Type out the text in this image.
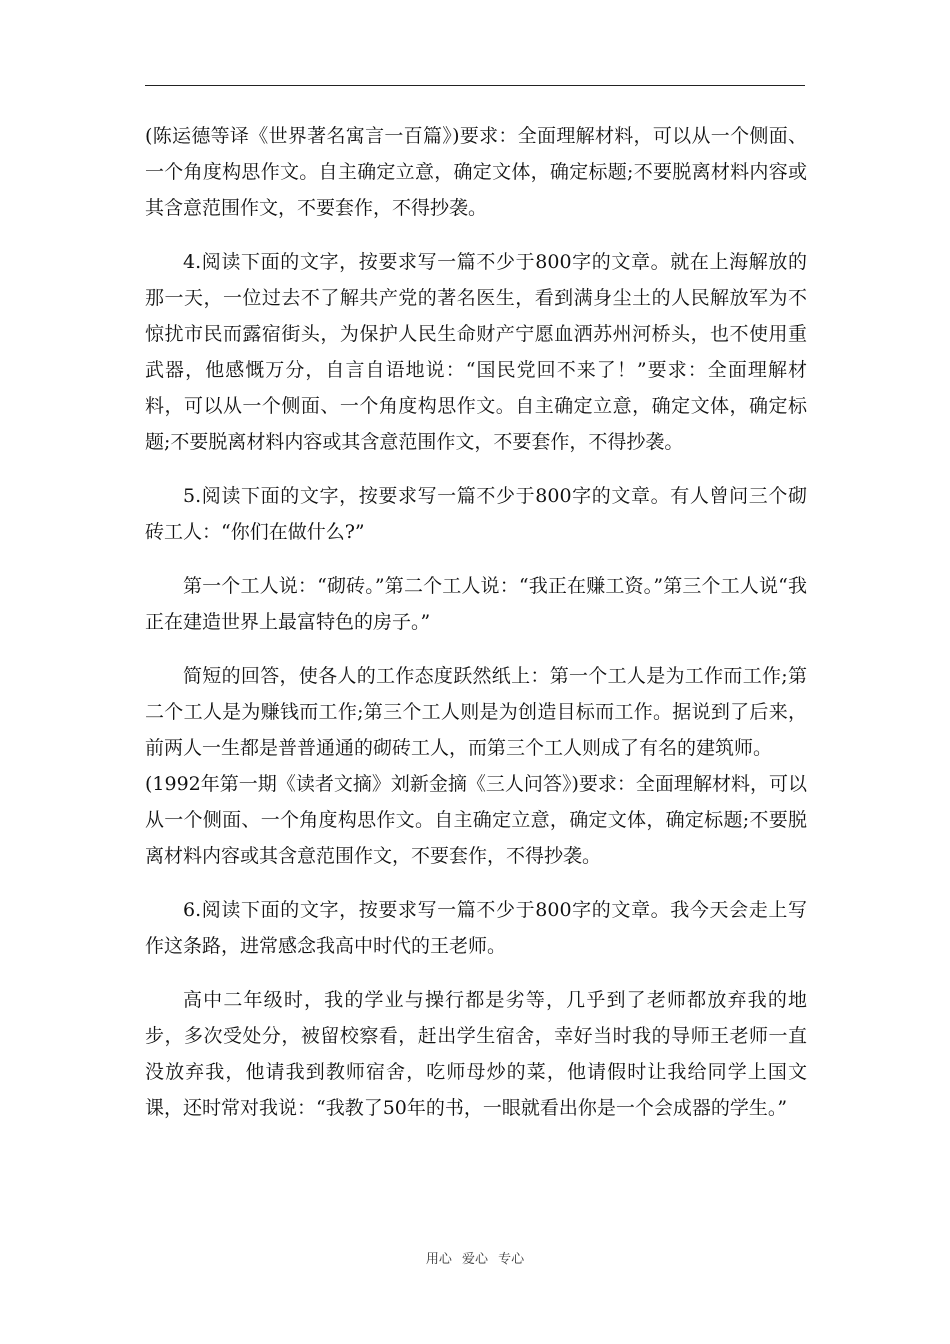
(陈运德等译《世界著名寓言一百篇》)要求：全面理解材料，可以从一个侧面、一个角度构思作文。自主确定立意，确定文体，确定标题;不要脱离材料内容或其含意范围作文，不要套作，不得抄袭。

4.阅读下面的文字，按要求写一篇不少于800字的文章。就在上海解放的那一天，一位过去不了解共产党的著名医生，看到满身尘土的人民解放军为不惊扰市民而露宿街头，为保护人民生命财产宁愿血洒苏州河桥头，也不使用重武器，他感慨万分，自言自语地说：“国民党回不来了！”要求：全面理解材料，可以从一个侧面、一个角度构思作文。自主确定立意，确定文体，确定标题;不要脱离材料内容或其含意范围作文，不要套作，不得抄袭。

5.阅读下面的文字，按要求写一篇不少于800字的文章。有人曾问三个砌砖工人：“你们在做什么?”

第一个工人说：“砌砖。”第二个工人说：“我正在赚工资。”第三个工人说“我正在建造世界上最富特色的房子。”

简短的回答，使各人的工作态度跃然纸上：第一个工人是为工作而工作;第二个工人是为赚钱而工作;第三个工人则是为创造目标而工作。据说到了后来，前两人一生都是普普通通的砌砖工人，而第三个工人则成了有名的建筑师。

(1992年第一期《读者文摘》刘新金摘《三人问答》)要求：全面理解材料，可以从一个侧面、一个角度构思作文。自主确定立意，确定文体，确定标题;不要脱离材料内容或其含意范围作文，不要套作，不得抄袭。

6.阅读下面的文字，按要求写一篇不少于800字的文章。我今天会走上写作这条路，进常感念我高中时代的王老师。

高中二年级时，我的学业与操行都是劣等，几乎到了老师都放弃我的地步，多次受处分，被留校察看，赶出学生宿舍，幸好当时我的导师王老师一直没放弃我，他请我到教师宿舍，吃师母炒的菜，他请假时让我给同学上国文课，还时常对我说：“我教了50年的书，一眼就看出你是一个会成器的学生。”

用心 爱心 专心
